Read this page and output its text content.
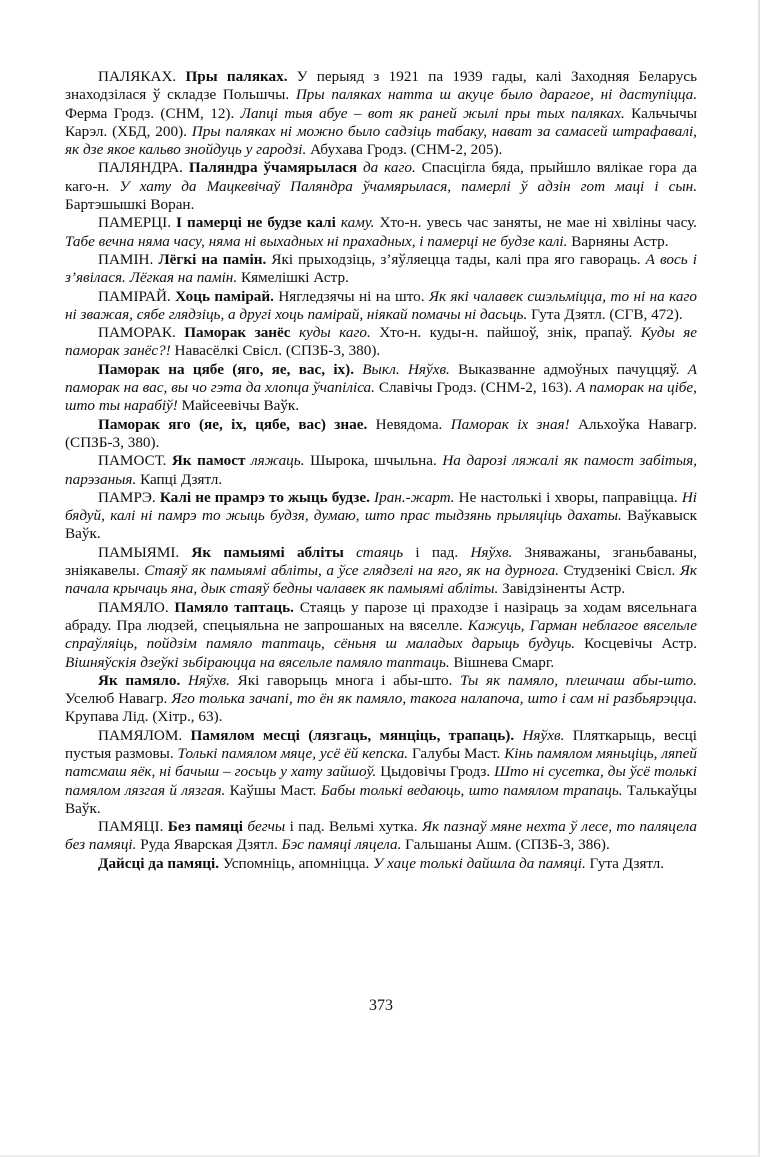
ПАЛЯКАХ. Пры паляках. У перыяд з 1921 па 1939 гады, калі Заходняя Беларусь знаходзілася ў складзе Польшчы. Пры паляках натта ш акуце было дарагое, ні даступіцца. Ферма Гродз. (СНМ, 12). Лапці тыя абуе – вот як раней жылі пры тых паляках. Кальчычы Карэл. (ХБД, 200). Пры паляках ні можно было садзіць табаку, нават за самасей штрафавалі, як дзе якое кальво знойдуць у гародзі. Абухава Гродз. (СНМ-2, 205).

ПАЛЯНДРА. Паляндра ўчамярылася да каго. Спасцігла бяда, прыйшло вялікае гора да каго-н. У хату да Мацкевічаў Паляндра ўчамярылася, памерлі ў адзін гот маці і сын. Бартэшышкі Воран.

ПАМЕРЦІ. І памерці не будзе калі каму. Хто-н. увесь час заняты, не мае ні хвіліны часу. Табе вечна няма часу, няма ні выхадных ні прахадных, і памерці не будзе калі. Варняны Астр.

ПАМІН. Лёгкі на памін. Які прыходзіць, з’яўляецца тады, калі пра яго гавораць. А вось і з’явілася. Лёгкая на памін. Кямелішкі Астр.

ПАМІРАЙ. Хоць памірай. Нягледзячы ні на што. Як які чалавек сшэльміцца, то ні на каго ні зважая, сябе глядзіць, а другі хоць памірай, ніякай помачы ні дасьць. Гута Дзятл. (СГВ, 472).

ПАМОРАК. Паморак занёс куды каго. Хто-н. куды-н. пайшоў, знік, прапаў. Куды яе паморак занёс?! Навасёлкі Свісл. (СПЗБ-3, 380).

Паморак на цябе (яго, яе, вас, іх). Выкл. Няўхв. Выказванне адмоўных пачуццяў. А паморак на вас, вы чо гэта да хлопца ўчапіліса. Славічы Гродз. (СНМ-2, 163). А паморак на цібе, што ты нарабіў! Майсеевічы Ваўк.

Паморак яго (яе, іх, цябе, вас) знае. Невядома. Паморак іх зная! Альхоўка Навагр. (СПЗБ-3, 380).

ПАМОСТ. Як памост ляжаць. Шырока, шчыльна. На дарозі ляжалі як памост забітыя, парэзаныя. Капці Дзятл.

ПАМРЭ. Калі не прамрэ то жыць будзе. Іран.-жарт. Не настолькі і хворы, паправіцца. Ні бядуй, калі ні памрэ то жыць будзя, думаю, што прас тыдзянь прыляціць дахаты. Ваўкавыск Ваўк.

ПАМЫЯМІ. Як памыямі абліты стаяць і пад. Няўхв. Зняважаны, зганьбаваны, зніякавелы. Стаяў як памыямі абліты, а ўсе глядзелі на яго, як на дурнога. Студзенікі Свісл. Як пачала крычаць яна, дык стаяў бедны чалавек як памыямі абліты. Завідзіненты Астр.

ПАМЯЛО. Памяло таптаць. Стаяць у парозе ці праходзе і назіраць за ходам вясельнага абраду. Пра людзей, спецыяльна не запрошаных на вяселле. Кажуць, Гарман неблагое вясельле спраўляіць, пойдзім памяло таптаць, сёньня ш маладых дарыць будуць. Косцевічы Астр. Вішняўскія дзеўкі зьбіраюцца на вясельле памяло таптаць. Вішнева Смарг.

Як памяло. Няўхв. Які гаворыць многа і абы-што. Ты як памяло, плешчаш абы-што. Уселюб Навагр. Яго толька зачапі, то ён як памяло, такога налапоча, што і сам ні разбьярэцца. Крупава Лід. (Хітр., 63).

ПАМЯЛОМ. Памялом месці (лязгаць, мянціць, трапаць). Няўхв. Пляткарыць, весці пустыя размовы. Толькі памялом мяце, усё ёй кепска. Галубы Маст. Кінь памялом мяньціць, ляпей патсмаш яёк, ні бачыш – госьць у хату зайшоў. Цыдовічы Гродз. Што ні сусетка, ды ўсё толькі памялом лязгая й лязгая. Каўшы Маст. Бабы толькі ведаюць, што памялом трапаць. Талькаўцы Ваўк.

ПАМЯЦІ. Без памяці бегчы і пад. Вельмі хутка. Як пазнаў мяне нехта ў лесе, то паляцела без памяці. Руда Яварская Дзятл. Бэс памяці ляцела. Гальшаны Ашм. (СПЗБ-3, 386).

Дайсці да памяці. Успомніць, апомніцца. У хаце толькі дайшла да памяці. Гута Дзятл.

373
